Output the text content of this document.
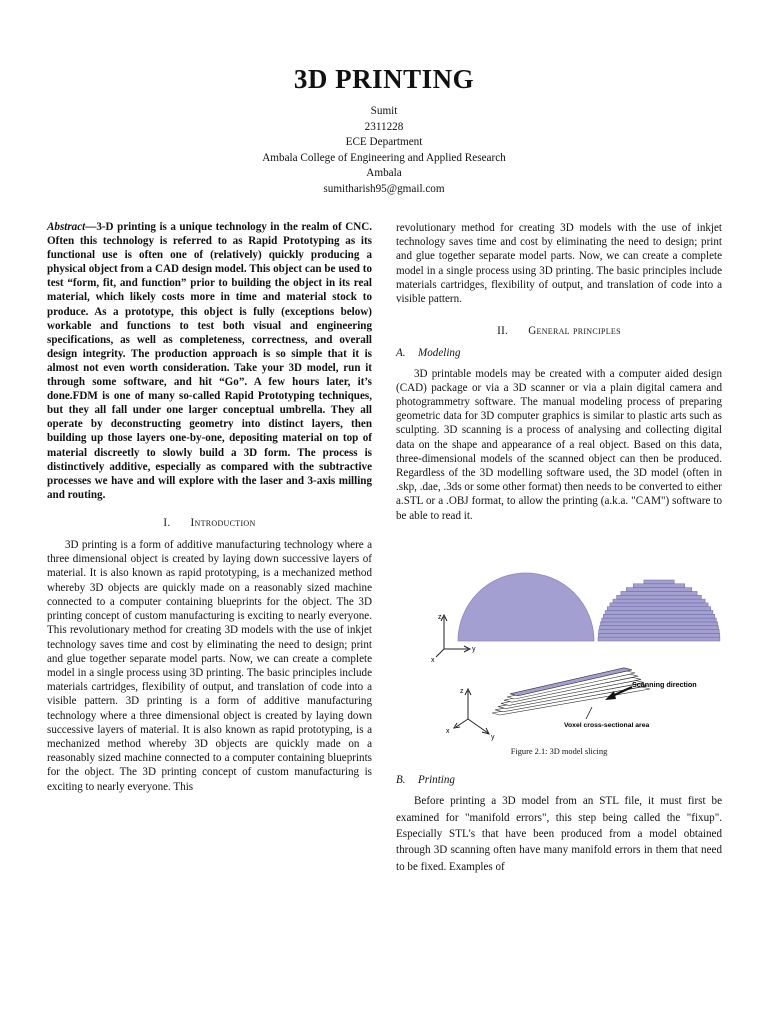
3D PRINTING
Sumit
2311228
ECE Department
Ambala College of Engineering and Applied Research
Ambala
sumitharish95@gmail.com

Abstract—3-D printing is a unique technology in the realm of CNC. Often this technology is referred to as Rapid Prototyping as its functional use is often one of (relatively) quickly producing a physical object from a CAD design model. This object can be used to test “form, fit, and function” prior to building the object in its real material, which likely costs more in time and material stock to produce. As a prototype, this object is fully (exceptions below) workable and functions to test both visual and engineering specifications, as well as completeness, correctness, and overall design integrity. The production approach is so simple that it is almost not even worth consideration. Take your 3D model, run it through some software, and hit “Go”. A few hours later, it’s done.FDM is one of many so-called Rapid Prototyping techniques, but they all fall under one larger conceptual umbrella. They all operate by deconstructing geometry into distinct layers, then building up those layers one-by-one, depositing material on top of material discreetly to slowly build a 3D form. The process is distinctively additive, especially as compared with the subtractive processes we have and will explore with the laser and 3-axis milling and routing.

I. Introduction

3D printing is a form of additive manufacturing technology where a three dimensional object is created by laying down successive layers of material. It is also known as rapid prototyping, is a mechanized method whereby 3D objects are quickly made on a reasonably sized machine connected to a computer containing blueprints for the object. The 3D printing concept of custom manufacturing is exciting to nearly everyone. This revolutionary method for creating 3D models with the use of inkjet technology saves time and cost by eliminating the need to design; print and glue together separate model parts. Now, we can create a complete model in a single process using 3D printing. The basic principles include materials cartridges, flexibility of output, and translation of code into a visible pattern. 3D printing is a form of additive manufacturing technology where a three dimensional object is created by laying down successive layers of material. It is also known as rapid prototyping, is a mechanized method whereby 3D objects are quickly made on a reasonably sized machine connected to a computer containing blueprints for the object. The 3D printing concept of custom manufacturing is exciting to nearly everyone. This

revolutionary method for creating 3D models with the use of inkjet technology saves time and cost by eliminating the need to design; print and glue together separate model parts. Now, we can create a complete model in a single process using 3D printing. The basic principles include materials cartridges, flexibility of output, and translation of code into a visible pattern.

II. General principles
A. Modeling

3D printable models may be created with a computer aided design (CAD) package or via a 3D scanner or via a plain digital camera and photogrammetry software. The manual modeling process of preparing geometric data for 3D computer graphics is similar to plastic arts such as sculpting. 3D scanning is a process of analysing and collecting digital data on the shape and appearance of a real object. Based on this data, three-dimensional models of the scanned object can then be produced. Regardless of the 3D modelling software used, the 3D model (often in .skp, .dae, .3ds or some other format) then needs to be converted to either a.STL or a .OBJ format, to allow the printing (a.k.a. "CAM") software to be able to read it.

z
y
x
z
y
x
Scanning direction
Voxel cross-sectional area
Figure 2.1: 3D model slicing
B. Printing

Before printing a 3D model from an STL file, it must first be examined for "manifold errors", this step being called the "fixup". Especially STL's that have been produced from a model obtained through 3D scanning often have many manifold errors in them that need to be fixed. Examples of
